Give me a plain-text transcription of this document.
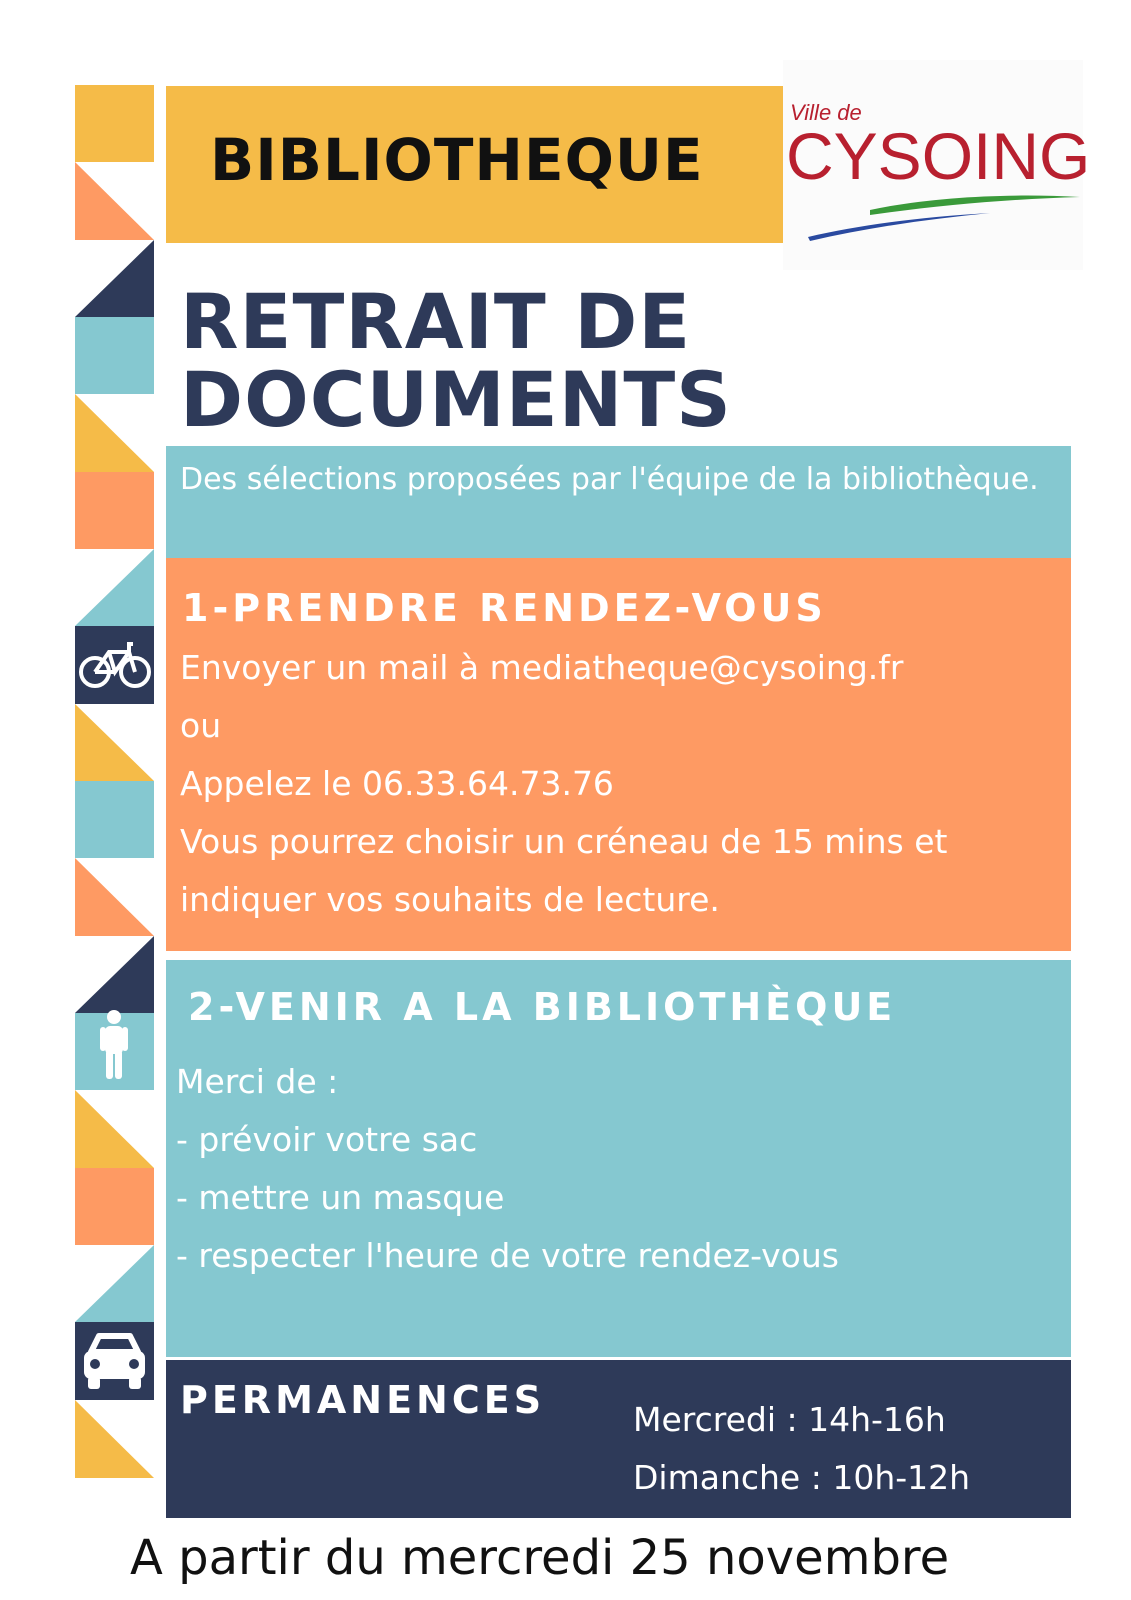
BIBLIOTHEQUE
Ville de
CYSOING
RETRAIT DE
DOCUMENTS
Des sélections proposées par l'équipe de la bibliothèque.
1-PRENDRE RENDEZ-VOUS
Envoyer un mail à mediatheque@cysoing.fr
ou
Appelez le 06.33.64.73.76
Vous pourrez choisir un créneau de 15 mins et
indiquer vos souhaits de lecture.
2-VENIR A LA BIBLIOTHÈQUE
Merci de :
- prévoir votre sac
- mettre un masque
- respecter l'heure de votre rendez-vous
PERMANENCES	Mercredi : 14h-16h
Dimanche : 10h-12h
A partir du mercredi 25 novembre
